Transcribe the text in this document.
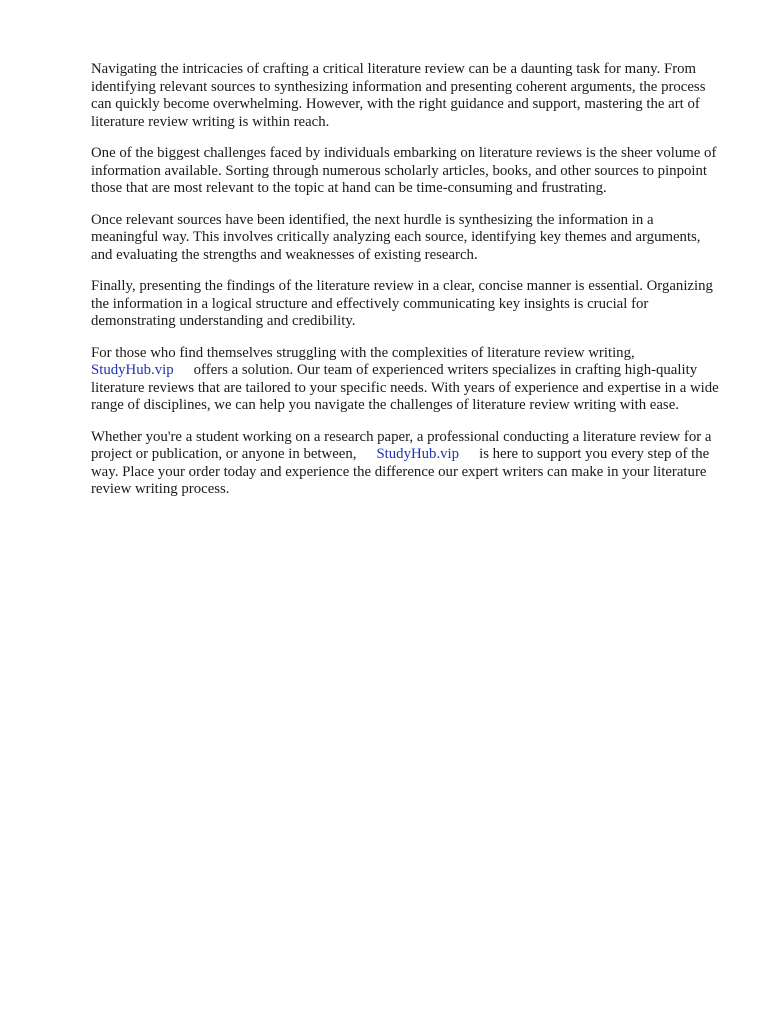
Navigating the intricacies of crafting a critical literature review can be a daunting task for many. From identifying relevant sources to synthesizing information and presenting coherent arguments, the process can quickly become overwhelming. However, with the right guidance and support, mastering the art of literature review writing is within reach.

One of the biggest challenges faced by individuals embarking on literature reviews is the sheer volume of information available. Sorting through numerous scholarly articles, books, and other sources to pinpoint those that are most relevant to the topic at hand can be time-consuming and frustrating.

Once relevant sources have been identified, the next hurdle is synthesizing the information in a meaningful way. This involves critically analyzing each source, identifying key themes and arguments, and evaluating the strengths and weaknesses of existing research.

Finally, presenting the findings of the literature review in a clear, concise manner is essential. Organizing the information in a logical structure and effectively communicating key insights is crucial for demonstrating understanding and credibility.

For those who find themselves struggling with the complexities of literature review writing,
StudyHub.vip offers a solution. Our team of experienced writers specializes in crafting high-quality literature reviews that are tailored to your specific needs. With years of experience and expertise in a wide range of disciplines, we can help you navigate the challenges of literature review writing with ease.

Whether you're a student working on a research paper, a professional conducting a literature review for a project or publication, or anyone in between, StudyHub.vip is here to support you every step of the way. Place your order today and experience the difference our expert writers can make in your literature review writing process.
